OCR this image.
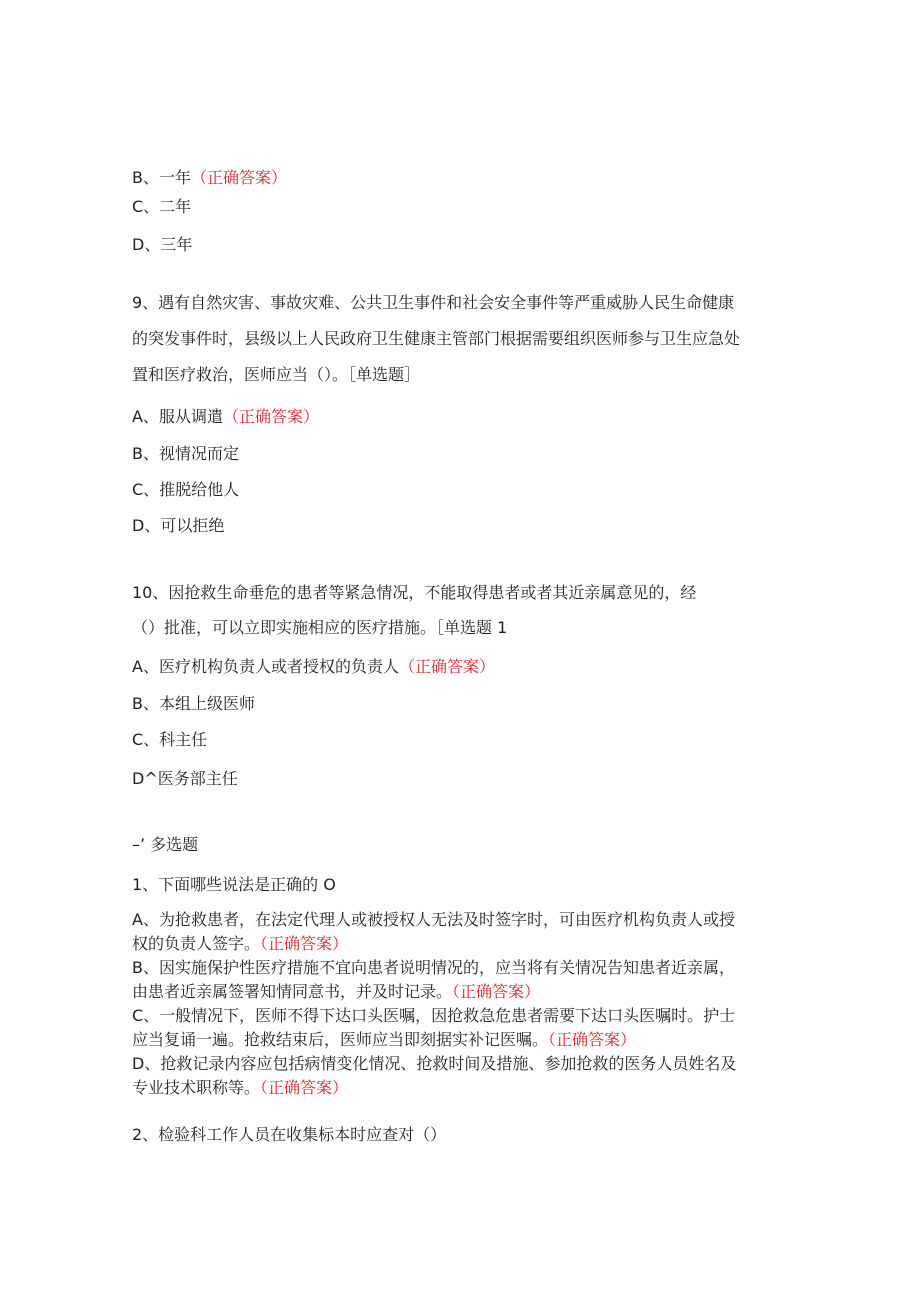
B、一年（正确答案）
C、二年
D、三年
9、遇有自然灾害、事故灾难、公共卫生事件和社会安全事件等严重威胁人民生命健康
的突发事件时，县级以上人民政府卫生健康主管部门根据需要组织医师参与卫生应急处
置和医疗救治，医师应当（）。［单选题］
A、服从调遣（正确答案）
B、视情况而定
C、推脱给他人
D、可以拒绝
10、因抢救生命垂危的患者等紧急情况，不能取得患者或者其近亲属意见的，经
（）批准，可以立即实施相应的医疗措施。［单选题 1
A、医疗机构负责人或者授权的负责人（正确答案）
B、本组上级医师
C、科主任
D^医务部主任
–’ 多选题
1、下面哪些说法是正确的 O
A、为抢救患者，在法定代理人或被授权人无法及时签字时，可由医疗机构负责人或授
权的负责人签字。（正确答案）
B、因实施保护性医疗措施不宜向患者说明情况的，应当将有关情况告知患者近亲属，
由患者近亲属签署知情同意书，并及时记录。（正确答案）
C、一般情况下，医师不得下达口头医嘱，因抢救急危患者需要下达口头医嘱时。护士
应当复诵一遍。抢救结束后，医师应当即刻据实补记医嘱。（正确答案）
D、抢救记录内容应包括病情变化情况、抢救时间及措施、参加抢救的医务人员姓名及
专业技术职称等。（正确答案）
2、检验科工作人员在收集标本时应查对（）
